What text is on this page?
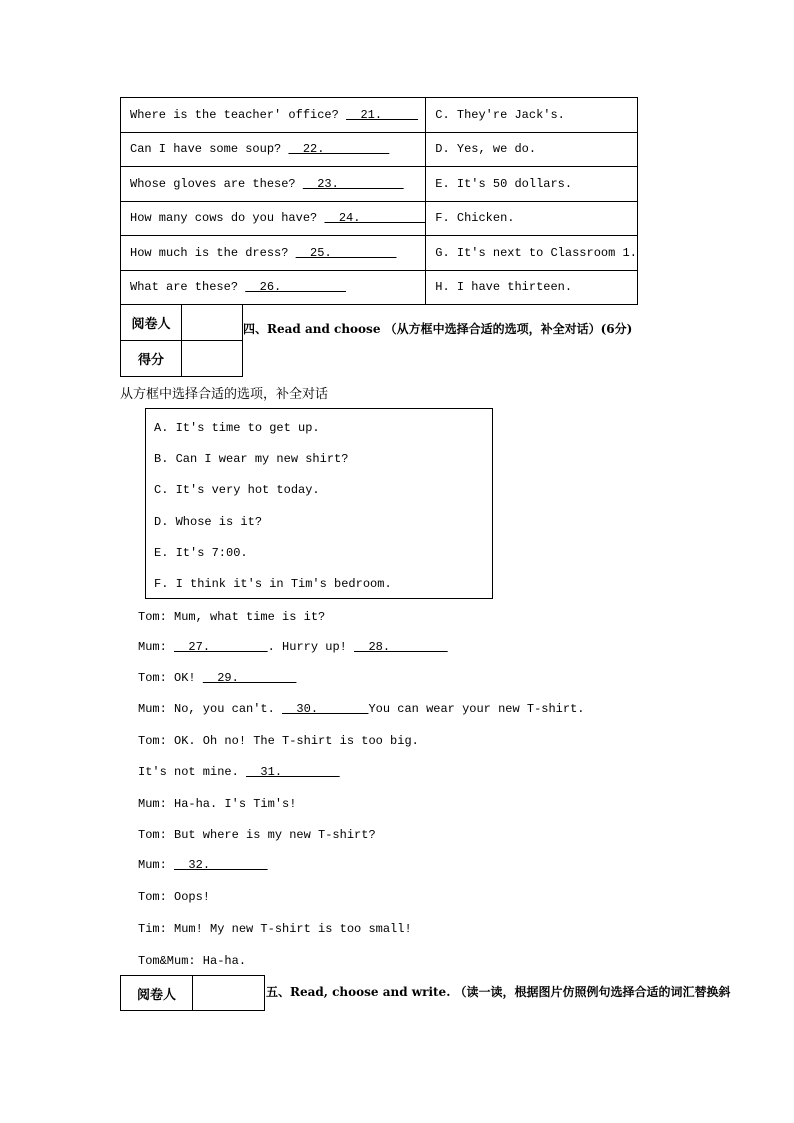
Where is the teacher' office?   21.	C. They're Jack's.
Can I have some soup?   22.	D. Yes, we do.
Whose gloves are these?   23.	E. It's 50 dollars.
How many cows do you have?   24.	F. Chicken.
How much is the dress?   25.	G. It's next to Classroom 1.
What are these?   26.	H. I have thirteen.
阅卷人	
得分	
四、Read and choose （从方框中选择合适的选项，补全对话）(6分)
从方框中选择合适的选项，补全对话
A. It's time to get up.
B. Can I wear my new shirt?
C. It's very hot today.
D. Whose is it?
E. It's 7:00.
F. I think it's in Tim's bedroom.
Tom: Mum, what time is it?
Mum:   27.        . Hurry up!   28.
Tom: OK!   29.
Mum: No, you can't.   30.       You can wear your new T-shirt.
Tom: OK. Oh no! The T-shirt is too big.
It's not mine.   31.
Mum: Ha-ha. I's Tim's!
Tom: But where is my new T-shirt?
Mum:   32.
Tom: Oops!
Tim: Mum! My new T-shirt is too small!
Tom&Mum: Ha-ha.
阅卷人		五、Read, choose and write. （读一读，根据图片仿照例句选择合适的词汇替换斜
